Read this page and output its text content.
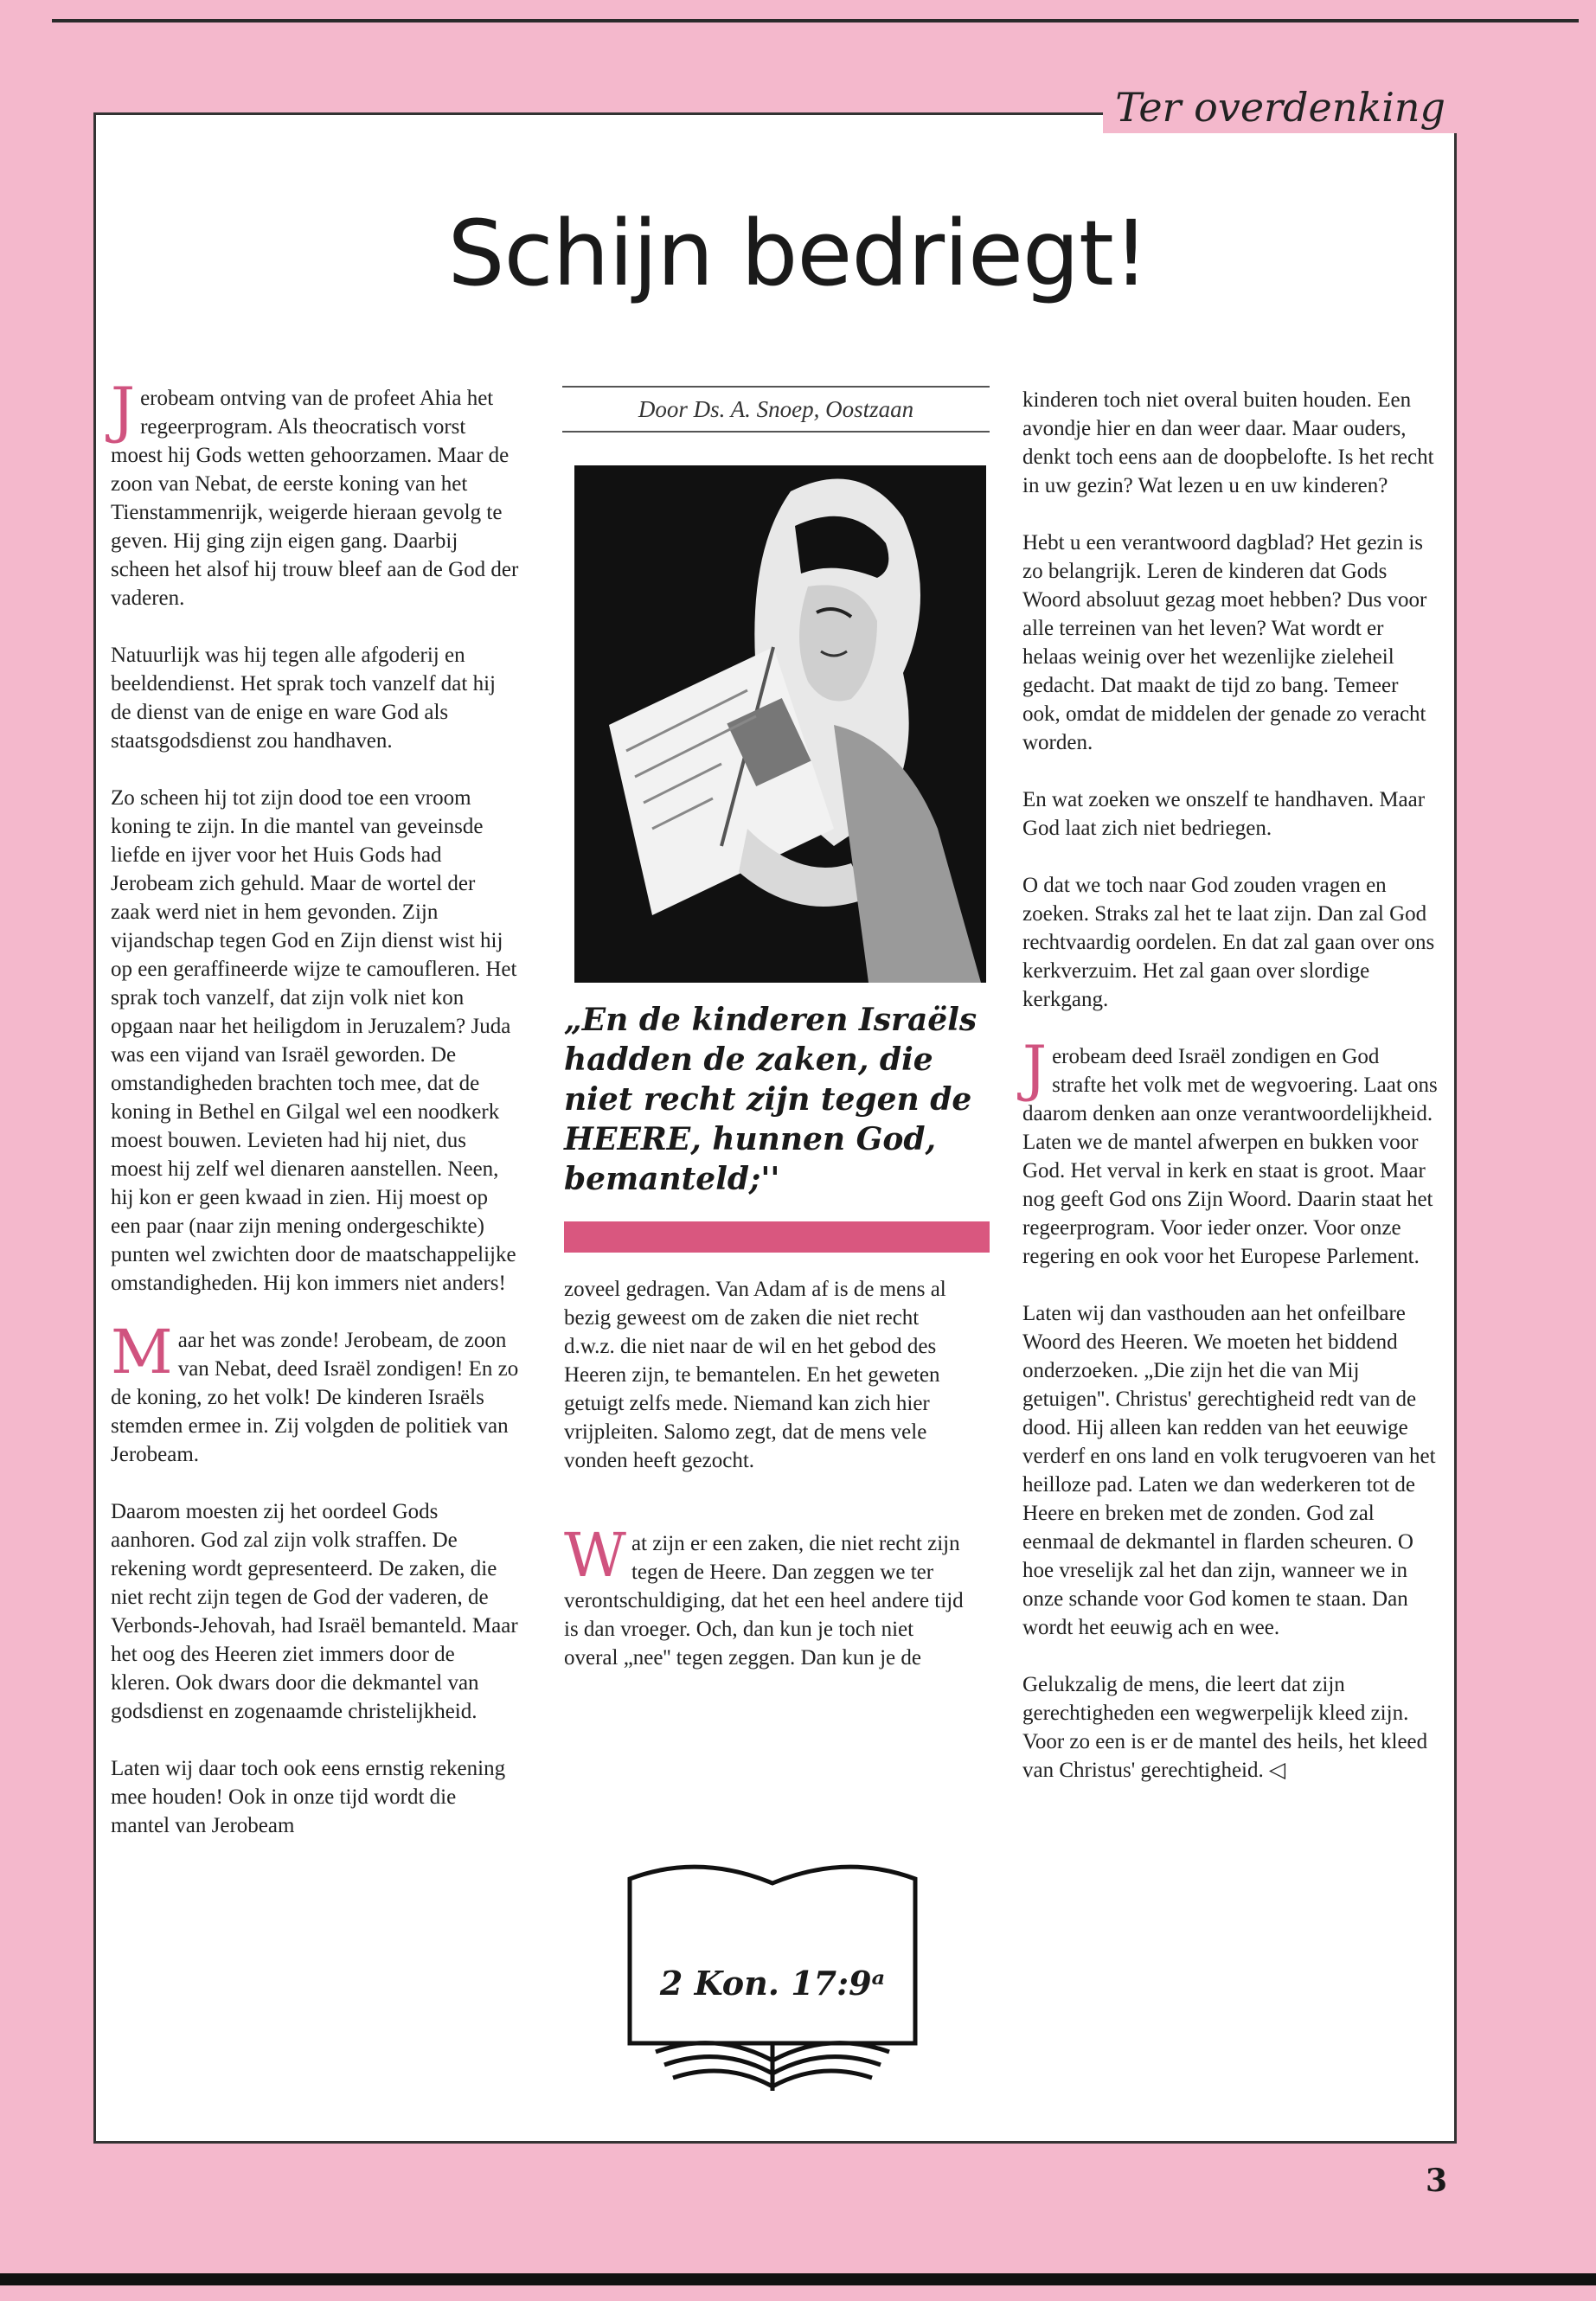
Ter overdenking
Schijn bedriegt!

Jerobeam ontving van de profeet Ahia het regeerprogram. Als theocratisch vorst moest hij Gods wetten gehoorzamen. Maar de zoon van Nebat, de eerste koning van het Tienstammenrijk, weigerde hieraan gevolg te geven. Hij ging zijn eigen gang. Daarbij scheen het alsof hij trouw bleef aan de God der vaderen.

Natuurlijk was hij tegen alle afgoderij en beeldendienst. Het sprak toch vanzelf dat hij de dienst van de enige en ware God als staatsgodsdienst zou handhaven.

Zo scheen hij tot zijn dood toe een vroom koning te zijn. In die mantel van geveinsde liefde en ijver voor het Huis Gods had Jerobeam zich gehuld. Maar de wortel der zaak werd niet in hem gevonden. Zijn vijandschap tegen God en Zijn dienst wist hij op een geraffineerde wijze te camoufleren. Het sprak toch vanzelf, dat zijn volk niet kon opgaan naar het heiligdom in Jeruzalem? Juda was een vijand van Israël geworden. De omstandigheden brachten toch mee, dat de koning in Bethel en Gilgal wel een noodkerk moest bouwen. Levieten had hij niet, dus moest hij zelf wel dienaren aanstellen. Neen, hij kon er geen kwaad in zien. Hij moest op een paar (naar zijn mening ondergeschikte) punten wel zwichten door de maatschappelijke omstandigheden. Hij kon immers niet anders!

Maar het was zonde! Jerobeam, de zoon van Nebat, deed Israël zondigen! En zo de koning, zo het volk! De kinderen Israëls stemden ermee in. Zij volgden de politiek van Jerobeam.

Daarom moesten zij het oordeel Gods aanhoren. God zal zijn volk straffen. De rekening wordt gepresenteerd. De zaken, die niet recht zijn tegen de God der vaderen, de Verbonds-Jehovah, had Israël bemanteld. Maar het oog des Heeren ziet immers door de kleren. Ook dwars door die dekmantel van godsdienst en zogenaamde christelijkheid.

Laten wij daar toch ook eens ernstig rekening mee houden! Ook in onze tijd wordt die mantel van Jerobeam

Door Ds. A. Snoep, Oostzaan

„En de kinderen Israëls hadden de zaken, die niet recht zijn tegen de HEERE, hunnen God, bemanteld;''

zoveel gedragen. Van Adam af is de mens al bezig geweest om de zaken die niet recht d.w.z. die niet naar de wil en het gebod des Heeren zijn, te bemantelen. En het geweten getuigt zelfs mede. Niemand kan zich hier vrijpleiten. Salomo zegt, dat de mens vele vonden heeft gezocht.

Wat zijn er een zaken, die niet recht zijn tegen de Heere. Dan zeggen we ter verontschuldiging, dat het een heel andere tijd is dan vroeger. Och, dan kun je toch niet overal „nee'' tegen zeggen. Dan kun je de

2 Kon. 17:9ᵃ

kinderen toch niet overal buiten houden. Een avondje hier en dan weer daar. Maar ouders, denkt toch eens aan de doopbelofte. Is het recht in uw gezin? Wat lezen u en uw kinderen?

Hebt u een verantwoord dagblad? Het gezin is zo belangrijk. Leren de kinderen dat Gods Woord absoluut gezag moet hebben? Dus voor alle terreinen van het leven? Wat wordt er helaas weinig over het wezenlijke zieleheil gedacht. Dat maakt de tijd zo bang. Temeer ook, omdat de middelen der genade zo veracht worden.

En wat zoeken we onszelf te handhaven. Maar God laat zich niet bedriegen.

O dat we toch naar God zouden vragen en zoeken. Straks zal het te laat zijn. Dan zal God rechtvaardig oordelen. En dat zal gaan over ons kerkverzuim. Het zal gaan over slordige kerkgang.

Jerobeam deed Israël zondigen en God strafte het volk met de wegvoering. Laat ons daarom denken aan onze verantwoordelijkheid. Laten we de mantel afwerpen en bukken voor God. Het verval in kerk en staat is groot. Maar nog geeft God ons Zijn Woord. Daarin staat het regeerprogram. Voor ieder onzer. Voor onze regering en ook voor het Europese Parlement.

Laten wij dan vasthouden aan het onfeilbare Woord des Heeren. We moeten het biddend onderzoeken. „Die zijn het die van Mij getuigen''. Christus' gerechtigheid redt van de dood. Hij alleen kan redden van het eeuwige verderf en ons land en volk terugvoeren van het heilloze pad. Laten we dan wederkeren tot de Heere en breken met de zonden. God zal eenmaal de dekmantel in flarden scheuren. O hoe vreselijk zal het dan zijn, wanneer we in onze schande voor God komen te staan. Dan wordt het eeuwig ach en wee.

Gelukzalig de mens, die leert dat zijn gerechtigheden een wegwerpelijk kleed zijn. Voor zo een is er de mantel des heils, het kleed van Christus' gerechtigheid. ◁

3
